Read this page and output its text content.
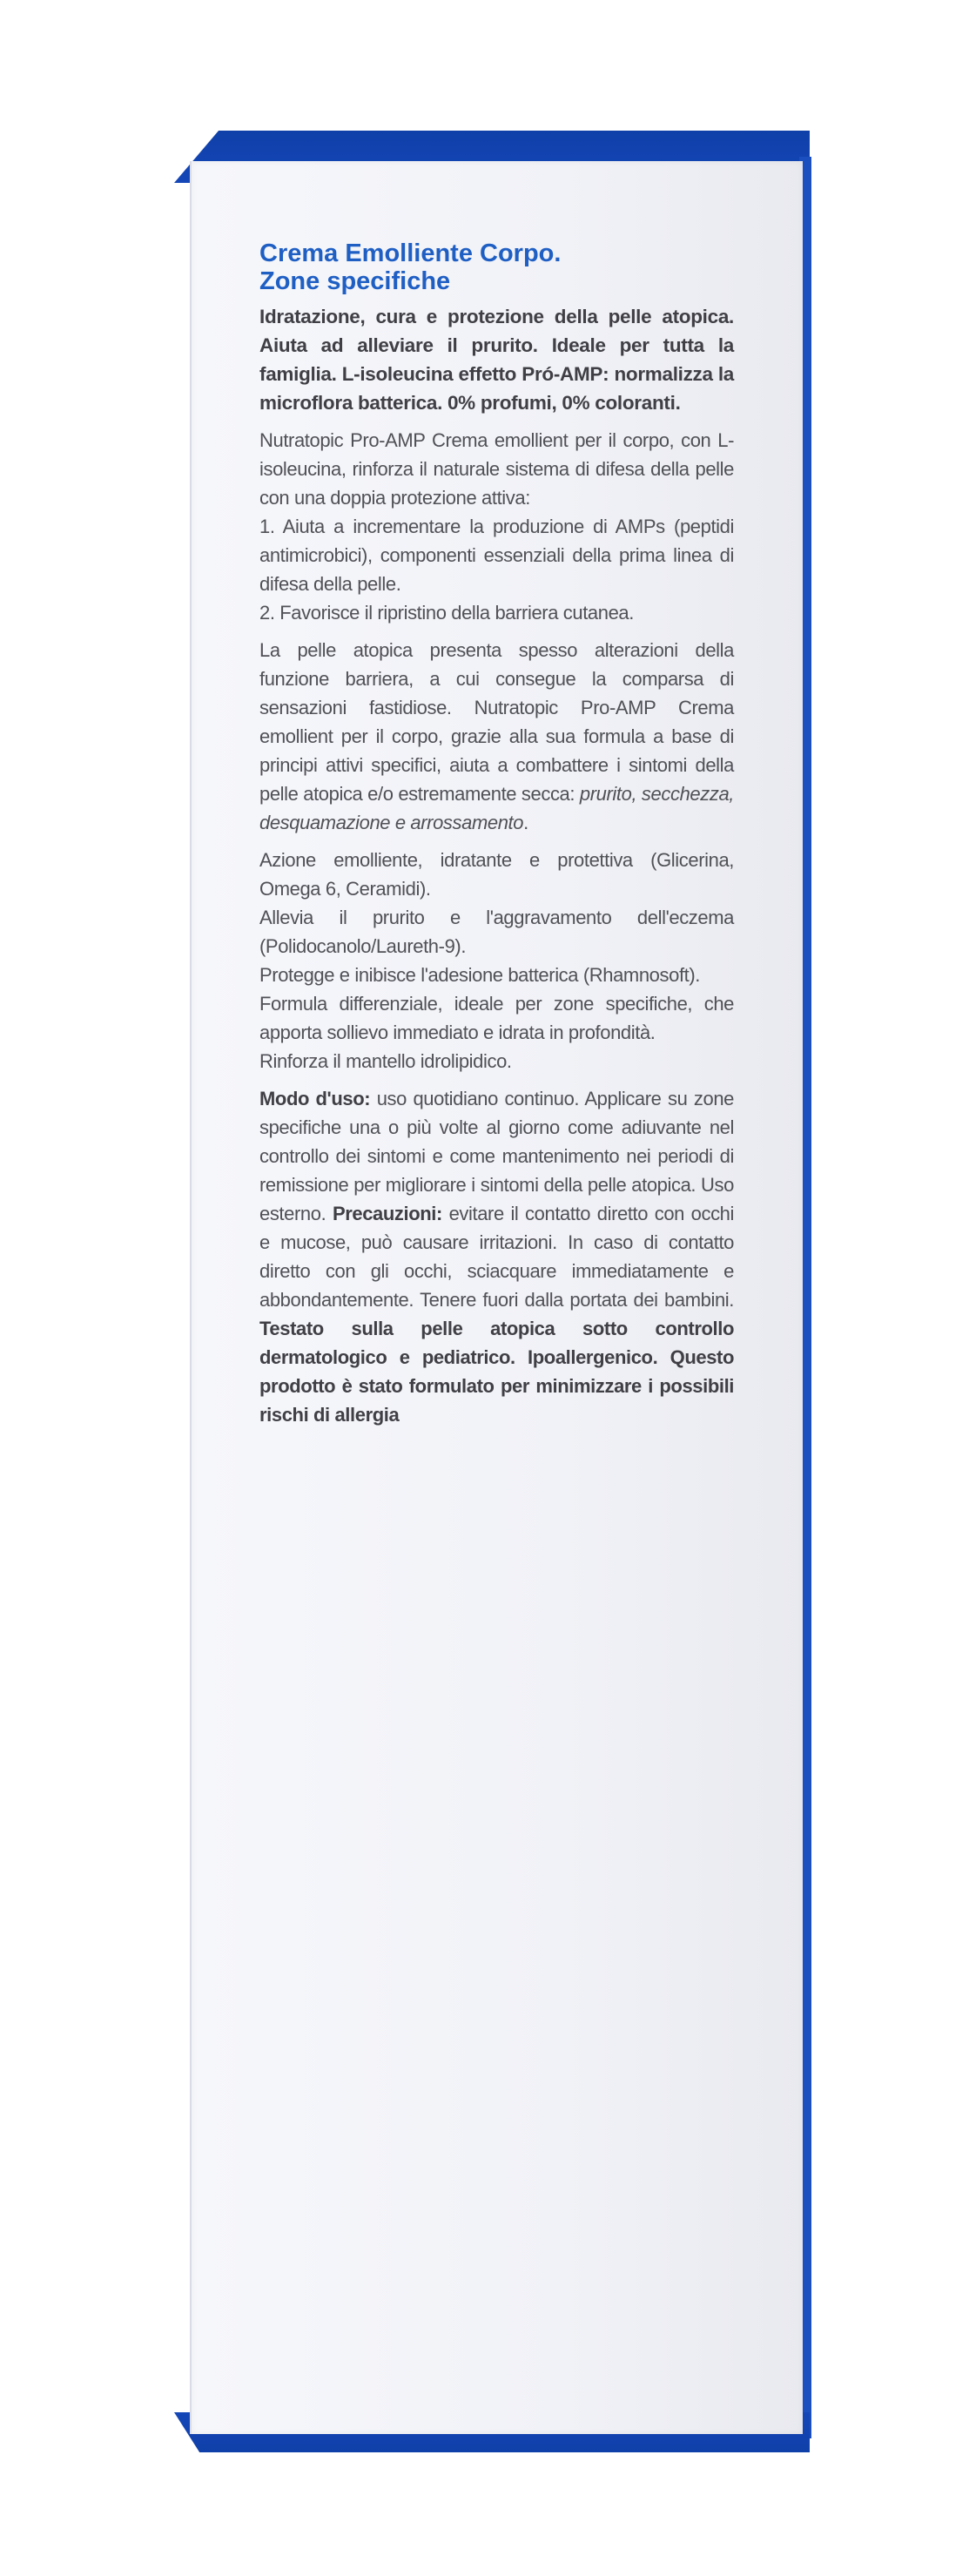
Crema Emolliente Corpo.
Zone specifiche

Idratazione, cura e protezione della pelle atopica. Aiuta ad alleviare il prurito. Ideale per tutta la famiglia. L-isoleucina effetto Pró-AMP: normalizza la microflora batterica. 0% profumi, 0% coloranti.

Nutratopic Pro-AMP Crema emollient per il corpo, con L-isoleucina, rinforza il naturale sistema di difesa della pelle con una doppia protezione attiva:

1. Aiuta a incrementare la produzione di AMPs (peptidi antimicrobici), componenti essenziali della prima linea di difesa della pelle.

2. Favorisce il ripristino della barriera cutanea.

La pelle atopica presenta spesso alterazioni della funzione barriera, a cui consegue la comparsa di sensazioni fastidiose. Nutratopic Pro-AMP Crema emollient per il corpo, grazie alla sua formula a base di principi attivi specifici, aiuta a combattere i sintomi della pelle atopica e/o estremamente secca: prurito, secchezza, desquamazione e arrossamento.

Azione emolliente, idratante e protettiva (Glicerina, Omega 6, Ceramidi).

Allevia il prurito e l'aggravamento dell'eczema (Polidocanolo/Laureth-9).

Protegge e inibisce l'adesione batterica (Rhamnosoft).

Formula differenziale, ideale per zone specifiche, che apporta sollievo immediato e idrata in profondità.

Rinforza il mantello idrolipidico.

Modo d'uso: uso quotidiano continuo. Applicare su zone specifiche una o più volte al giorno come adiuvante nel controllo dei sintomi e come mantenimento nei periodi di remissione per migliorare i sintomi della pelle atopica. Uso esterno. Precauzioni: evitare il contatto diretto con occhi e mucose, può causare irritazioni. In caso di contatto diretto con gli occhi, sciacquare immediatamente e abbondantemente. Tenere fuori dalla portata dei bambini. Testato sulla pelle atopica sotto controllo dermatologico e pediatrico. Ipoallergenico. Questo prodotto è stato formulato per minimizzare i possibili rischi di allergia
